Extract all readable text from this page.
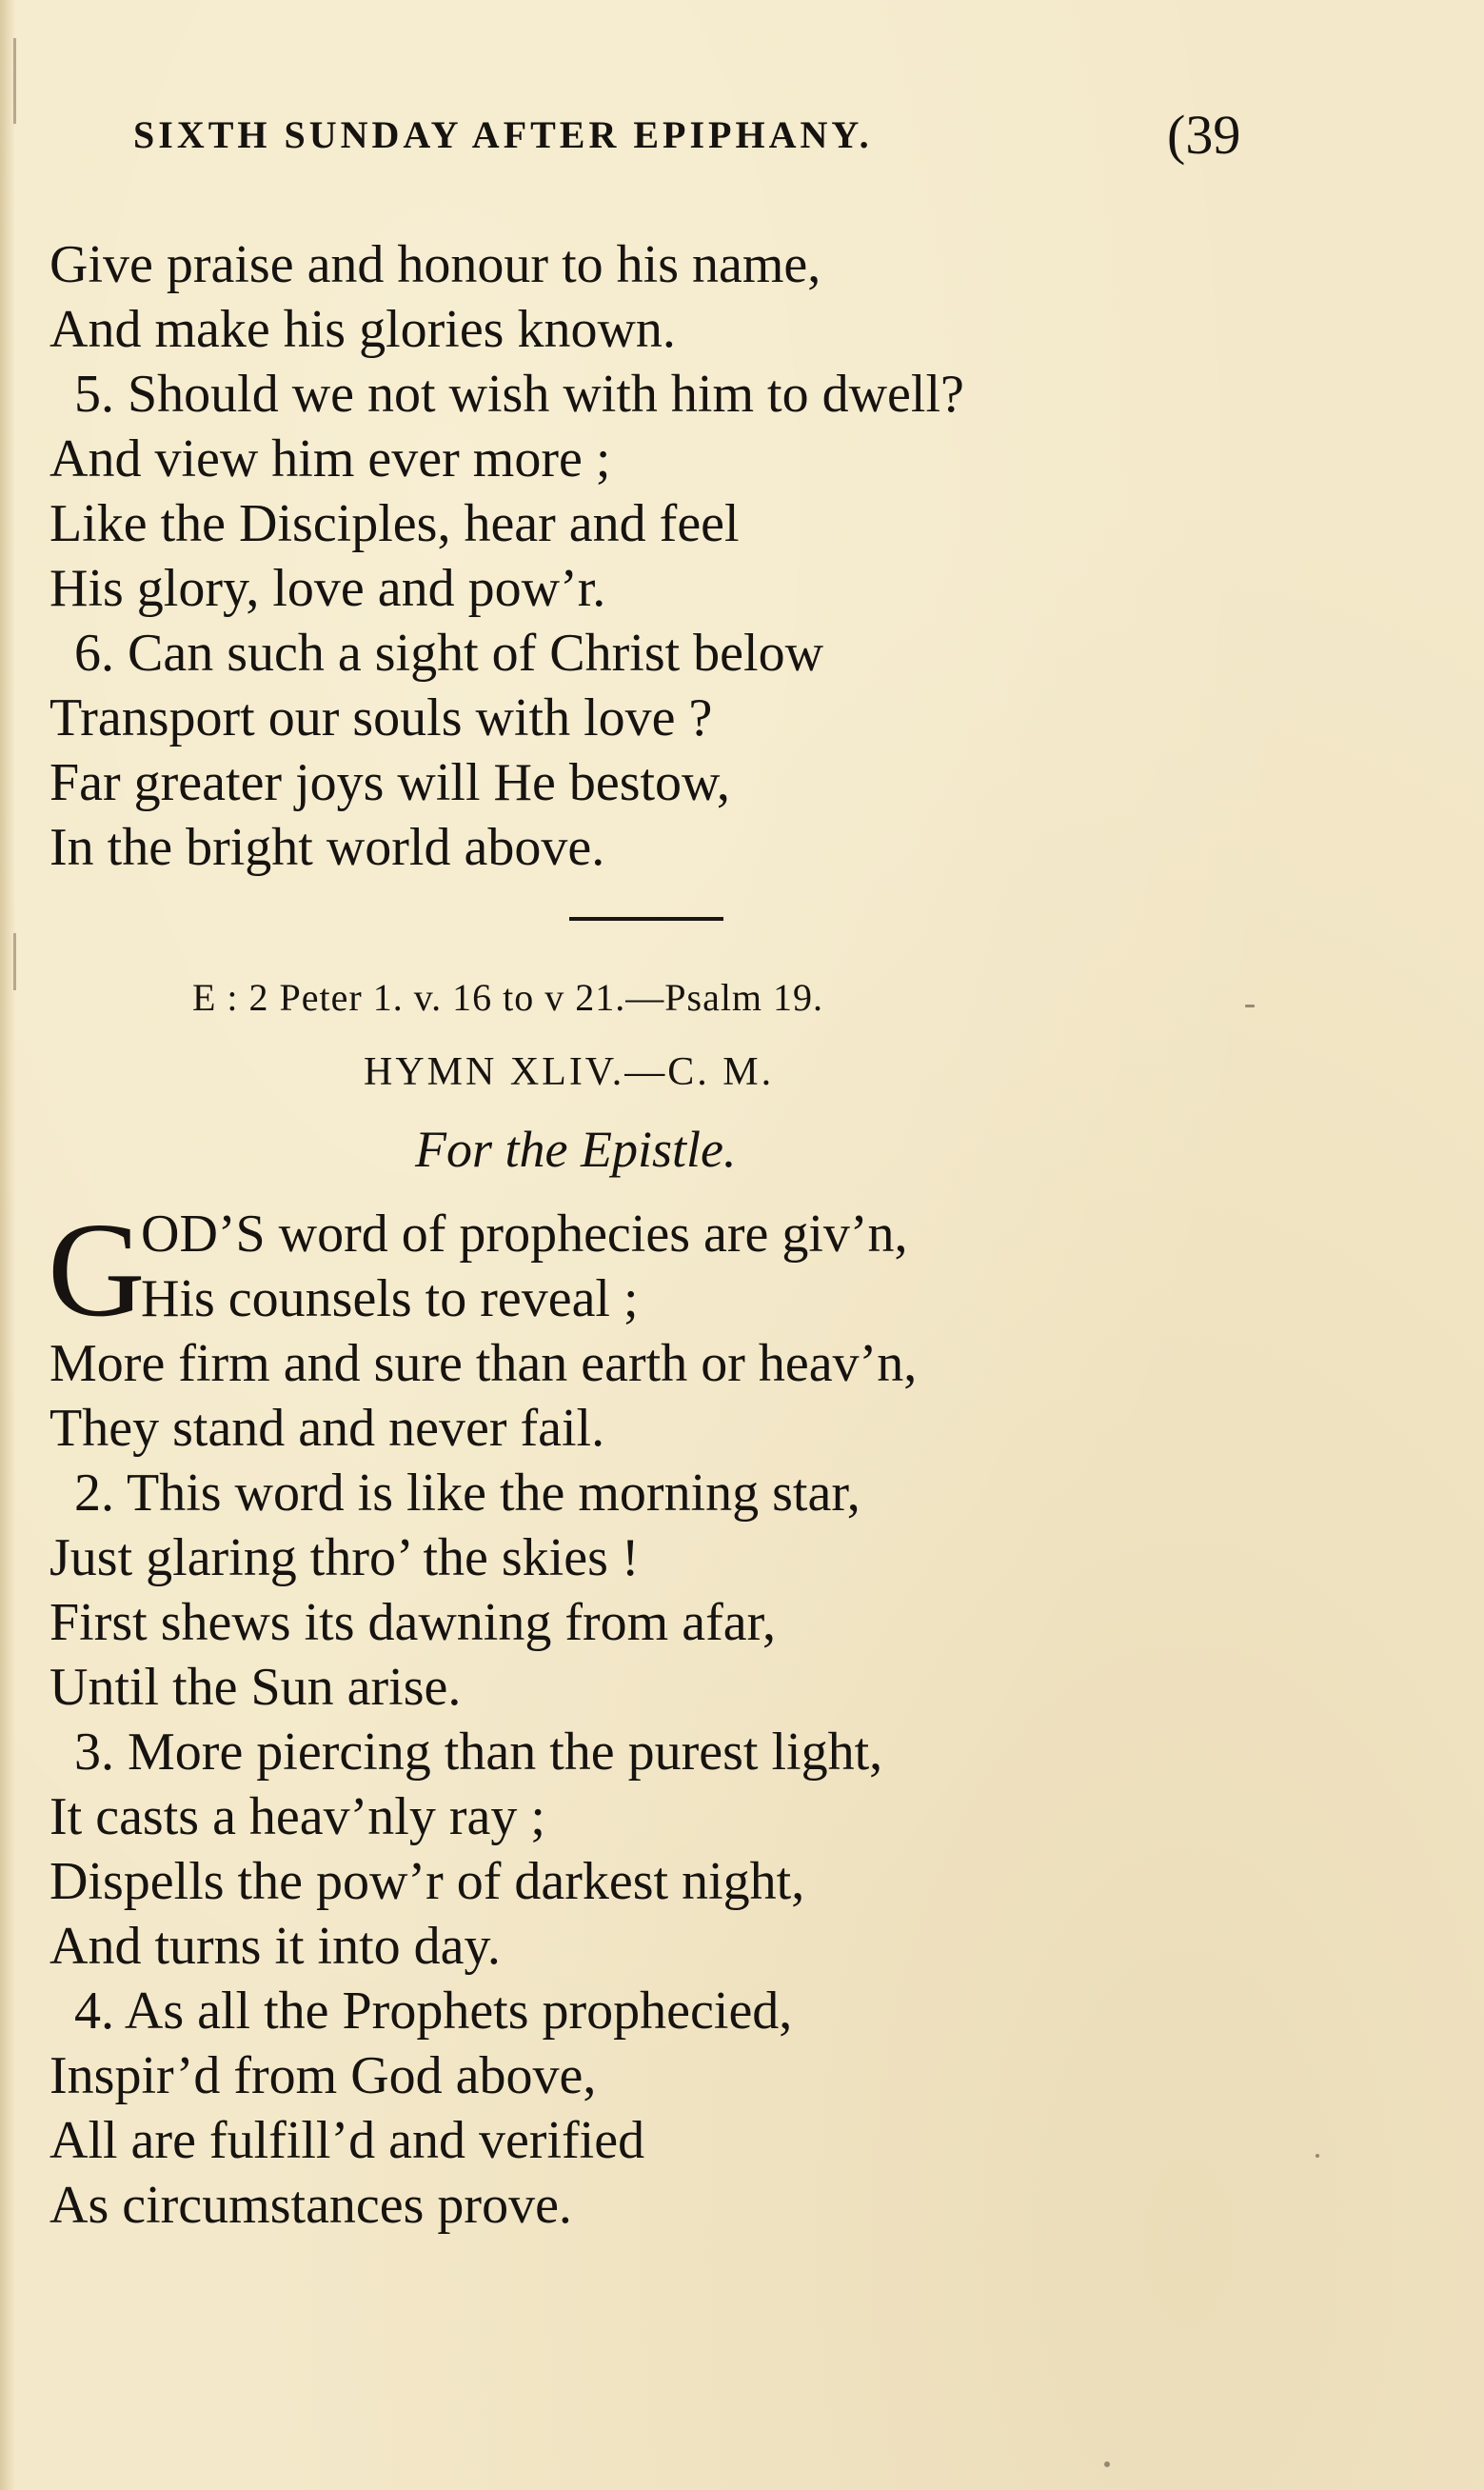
SIXTH SUNDAY AFTER EPIPHANY.	(39
Give praise and honour to his name,
And make his glories known.
5. Should we not wish with him to dwell?
And view him ever more ;
Like the Disciples, hear and feel
His glory, love and pow’r.
6. Can such a sight of Christ below
Transport our souls with love ?
Far greater joys will He bestow,
In the bright world above.
E : 2 Peter 1. v. 16 to v 21.—Psalm 19.
HYMN XLIV.—C. M.
For the Epistle.
G
OD’S word of prophecies are giv’n,
His counsels to reveal ;
More firm and sure than earth or heav’n,
They stand and never fail.
2. This word is like the morning star,
Just glaring thro’ the skies !
First shews its dawning from afar,
Until the Sun arise.
3. More piercing than the purest light,
It casts a heav’nly ray ;
Dispells the pow’r of darkest night,
And turns it into day.
4. As all the Prophets prophecied,
Inspir’d from God above,
All are fulfill’d and verified
As circumstances prove.
